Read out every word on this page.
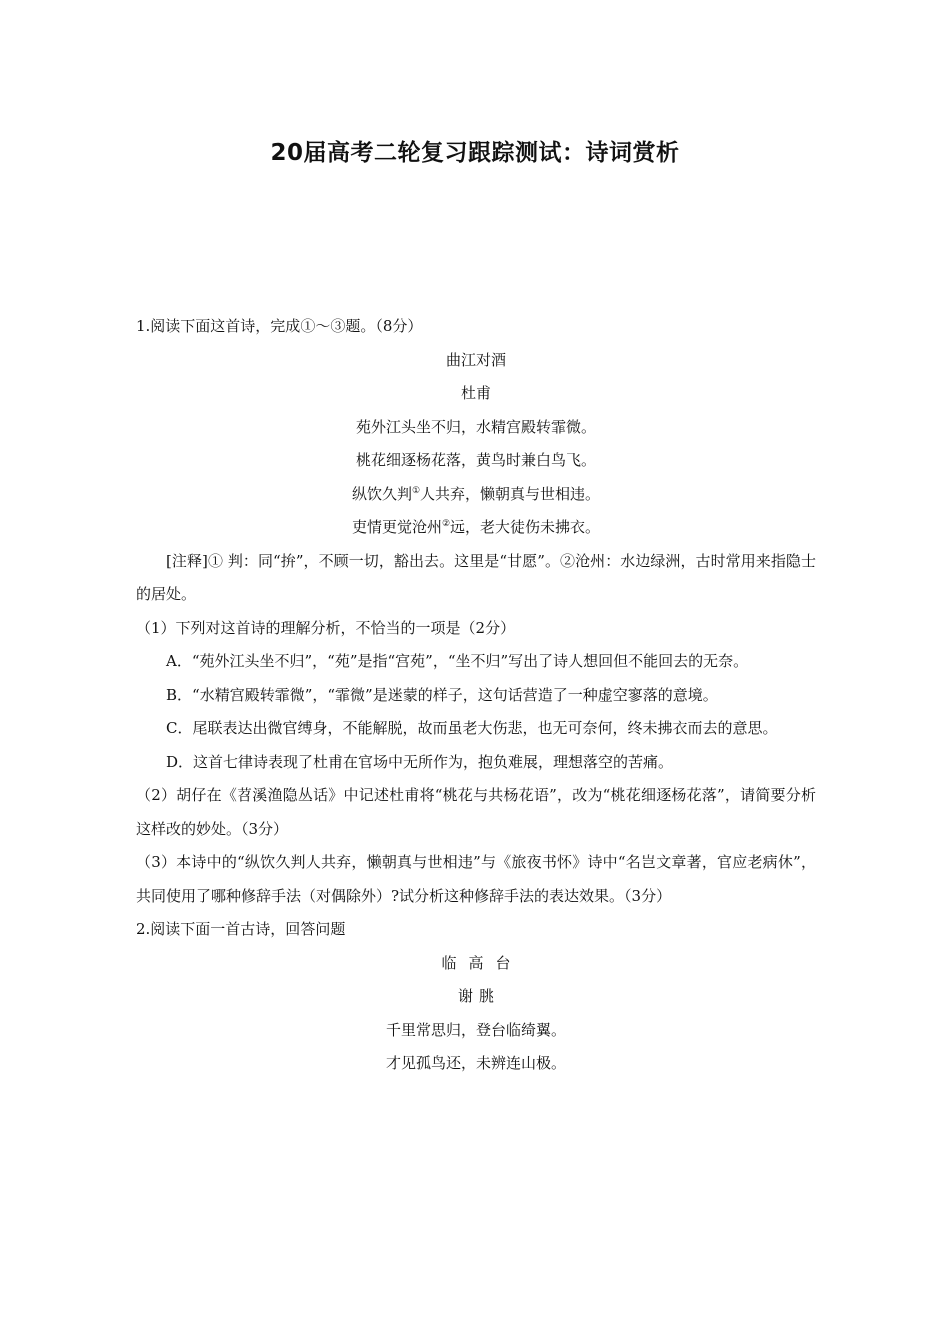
20届高考二轮复习跟踪测试：诗词赏析
1.阅读下面这首诗，完成①～③题。（8分）
曲江对酒
杜甫
苑外江头坐不归，水精宫殿转霏微。
桃花细逐杨花落，黄鸟时兼白鸟飞。
纵饮久判①人共弃，懒朝真与世相违。
吏情更觉沧州②远，老大徒伤未拂衣。
[注释]① 判：同“拚”，不顾一切，豁出去。这里是“甘愿”。②沧州：水边绿洲，古时常用来指隐士的居处。
（1）下列对这首诗的理解分析，不恰当的一项是（2分）
A．“苑外江头坐不归”，“苑”是指“宫苑”，“坐不归”写出了诗人想回但不能回去的无奈。
B．“水精宫殿转霏微”，“霏微”是迷蒙的样子，这句话营造了一种虚空寥落的意境。
C．尾联表达出微官缚身，不能解脱，故而虽老大伤悲，也无可奈何，终未拂衣而去的意思。
D．这首七律诗表现了杜甫在官场中无所作为，抱负难展，理想落空的苦痛。
（2）胡仔在《苕溪渔隐丛话》中记述杜甫将“桃花与共杨花语”，改为“桃花细逐杨花落”，请简要分析这样改的妙处。（3分）
（3）本诗中的“纵饮久判人共弃，懒朝真与世相违”与《旅夜书怀》诗中“名岂文章著，官应老病休”，共同使用了哪种修辞手法（对偶除外）?试分析这种修辞手法的表达效果。（3分）
2.阅读下面一首古诗，回答问题
临高台
谢朓
千里常思归，登台临绮翼。
才见孤鸟还，未辨连山极。
